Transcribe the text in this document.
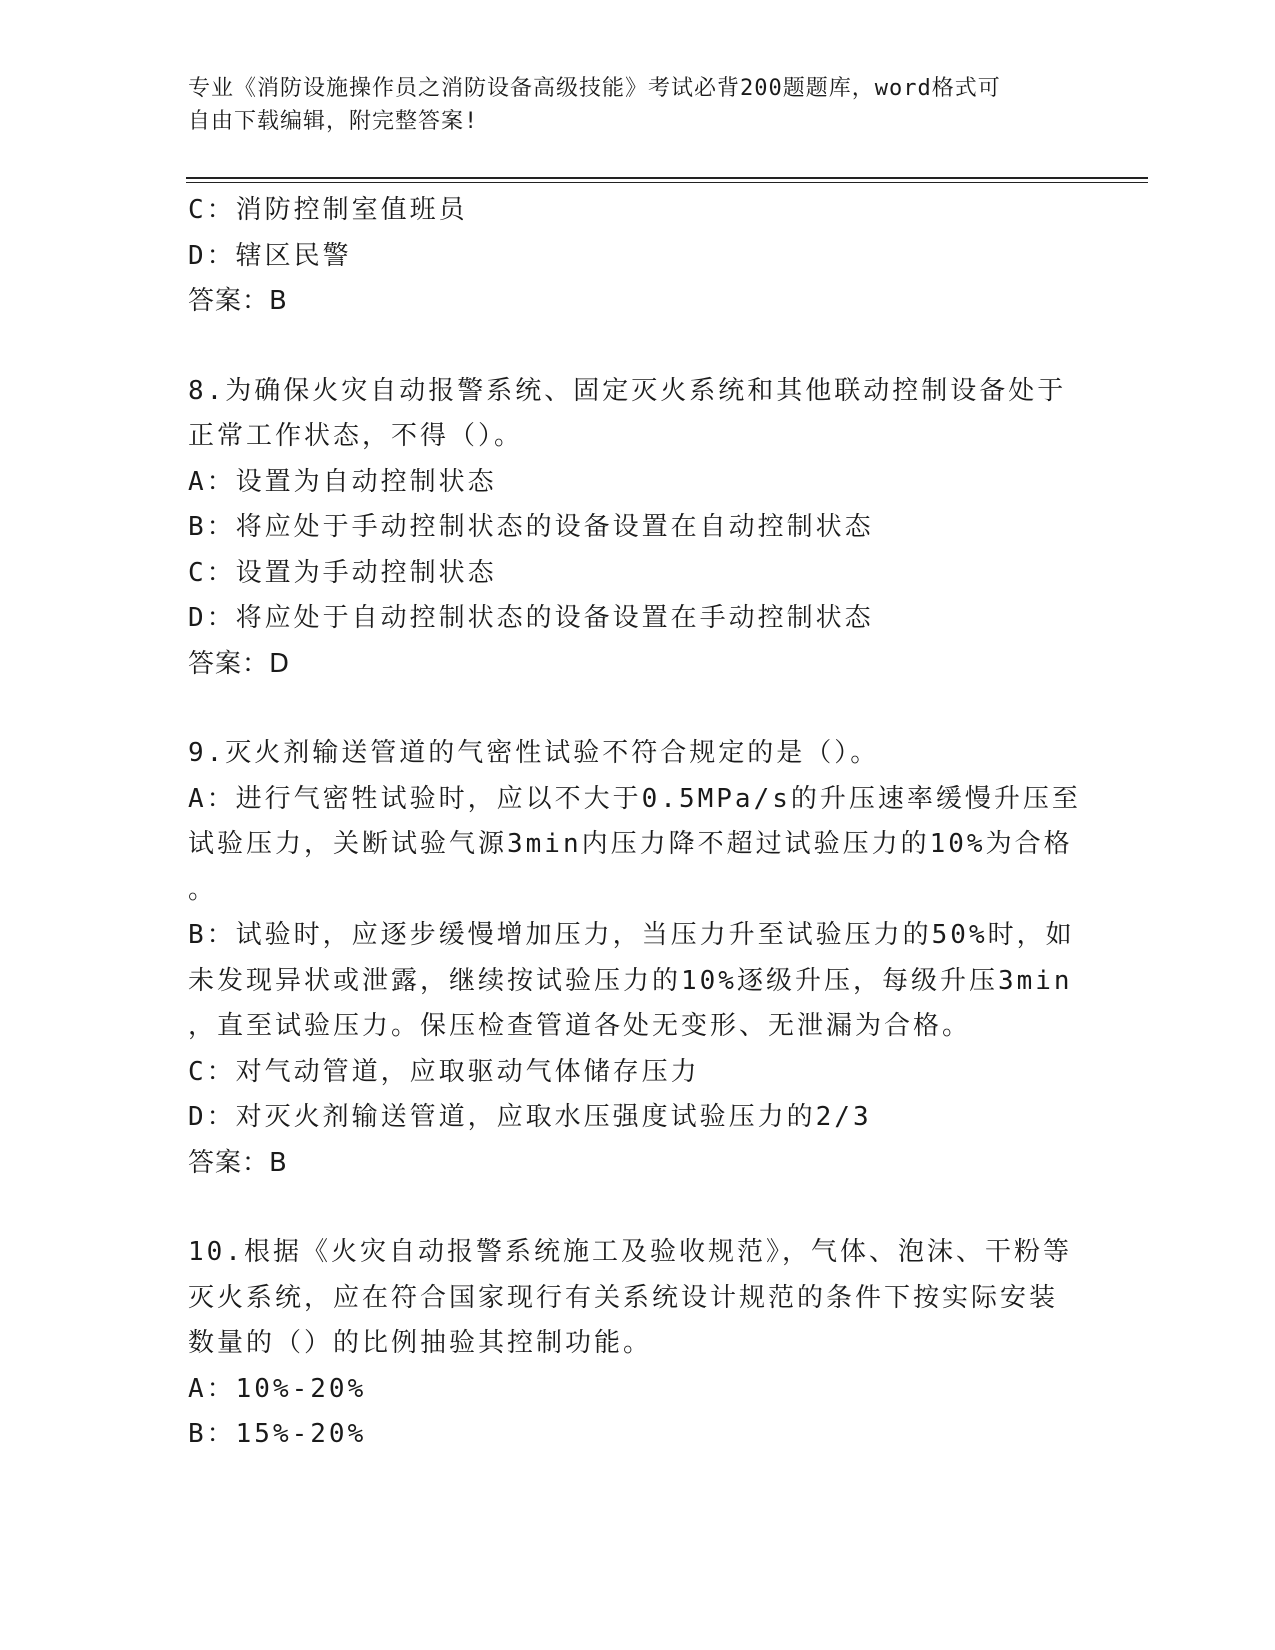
专业《消防设施操作员之消防设备高级技能》考试必背200题题库，word格式可
自由下载编辑，附完整答案!
C：消防控制室值班员
D：辖区民警
答案：B
8.为确保火灾自动报警系统、固定灭火系统和其他联动控制设备处于
正常工作状态，不得（）。
A：设置为自动控制状态
B：将应处于手动控制状态的设备设置在自动控制状态
C：设置为手动控制状态
D：将应处于自动控制状态的设备设置在手动控制状态
答案：D
9.灭火剂输送管道的气密性试验不符合规定的是（）。
A：进行气密牲试验时，应以不大于0.5MPa/s的升压速率缓慢升压至
试验压力，关断试验气源3min内压力降不超过试验压力的10%为合格
。
B：试验时，应逐步缓慢增加压力，当压力升至试验压力的50%时，如
未发现异状或泄露，继续按试验压力的10%逐级升压，每级升压3min
，直至试验压力。保压检查管道各处无变形、无泄漏为合格。
C：对气动管道，应取驱动气体储存压力
D：对灭火剂输送管道，应取水压强度试验压力的2/3
答案：B
10.根据《火灾自动报警系统施工及验收规范》，气体、泡沫、干粉等
灭火系统，应在符合国家现行有关系统设计规范的条件下按实际安装
数量的（）的比例抽验其控制功能。
A：10%-20%
B：15%-20%
